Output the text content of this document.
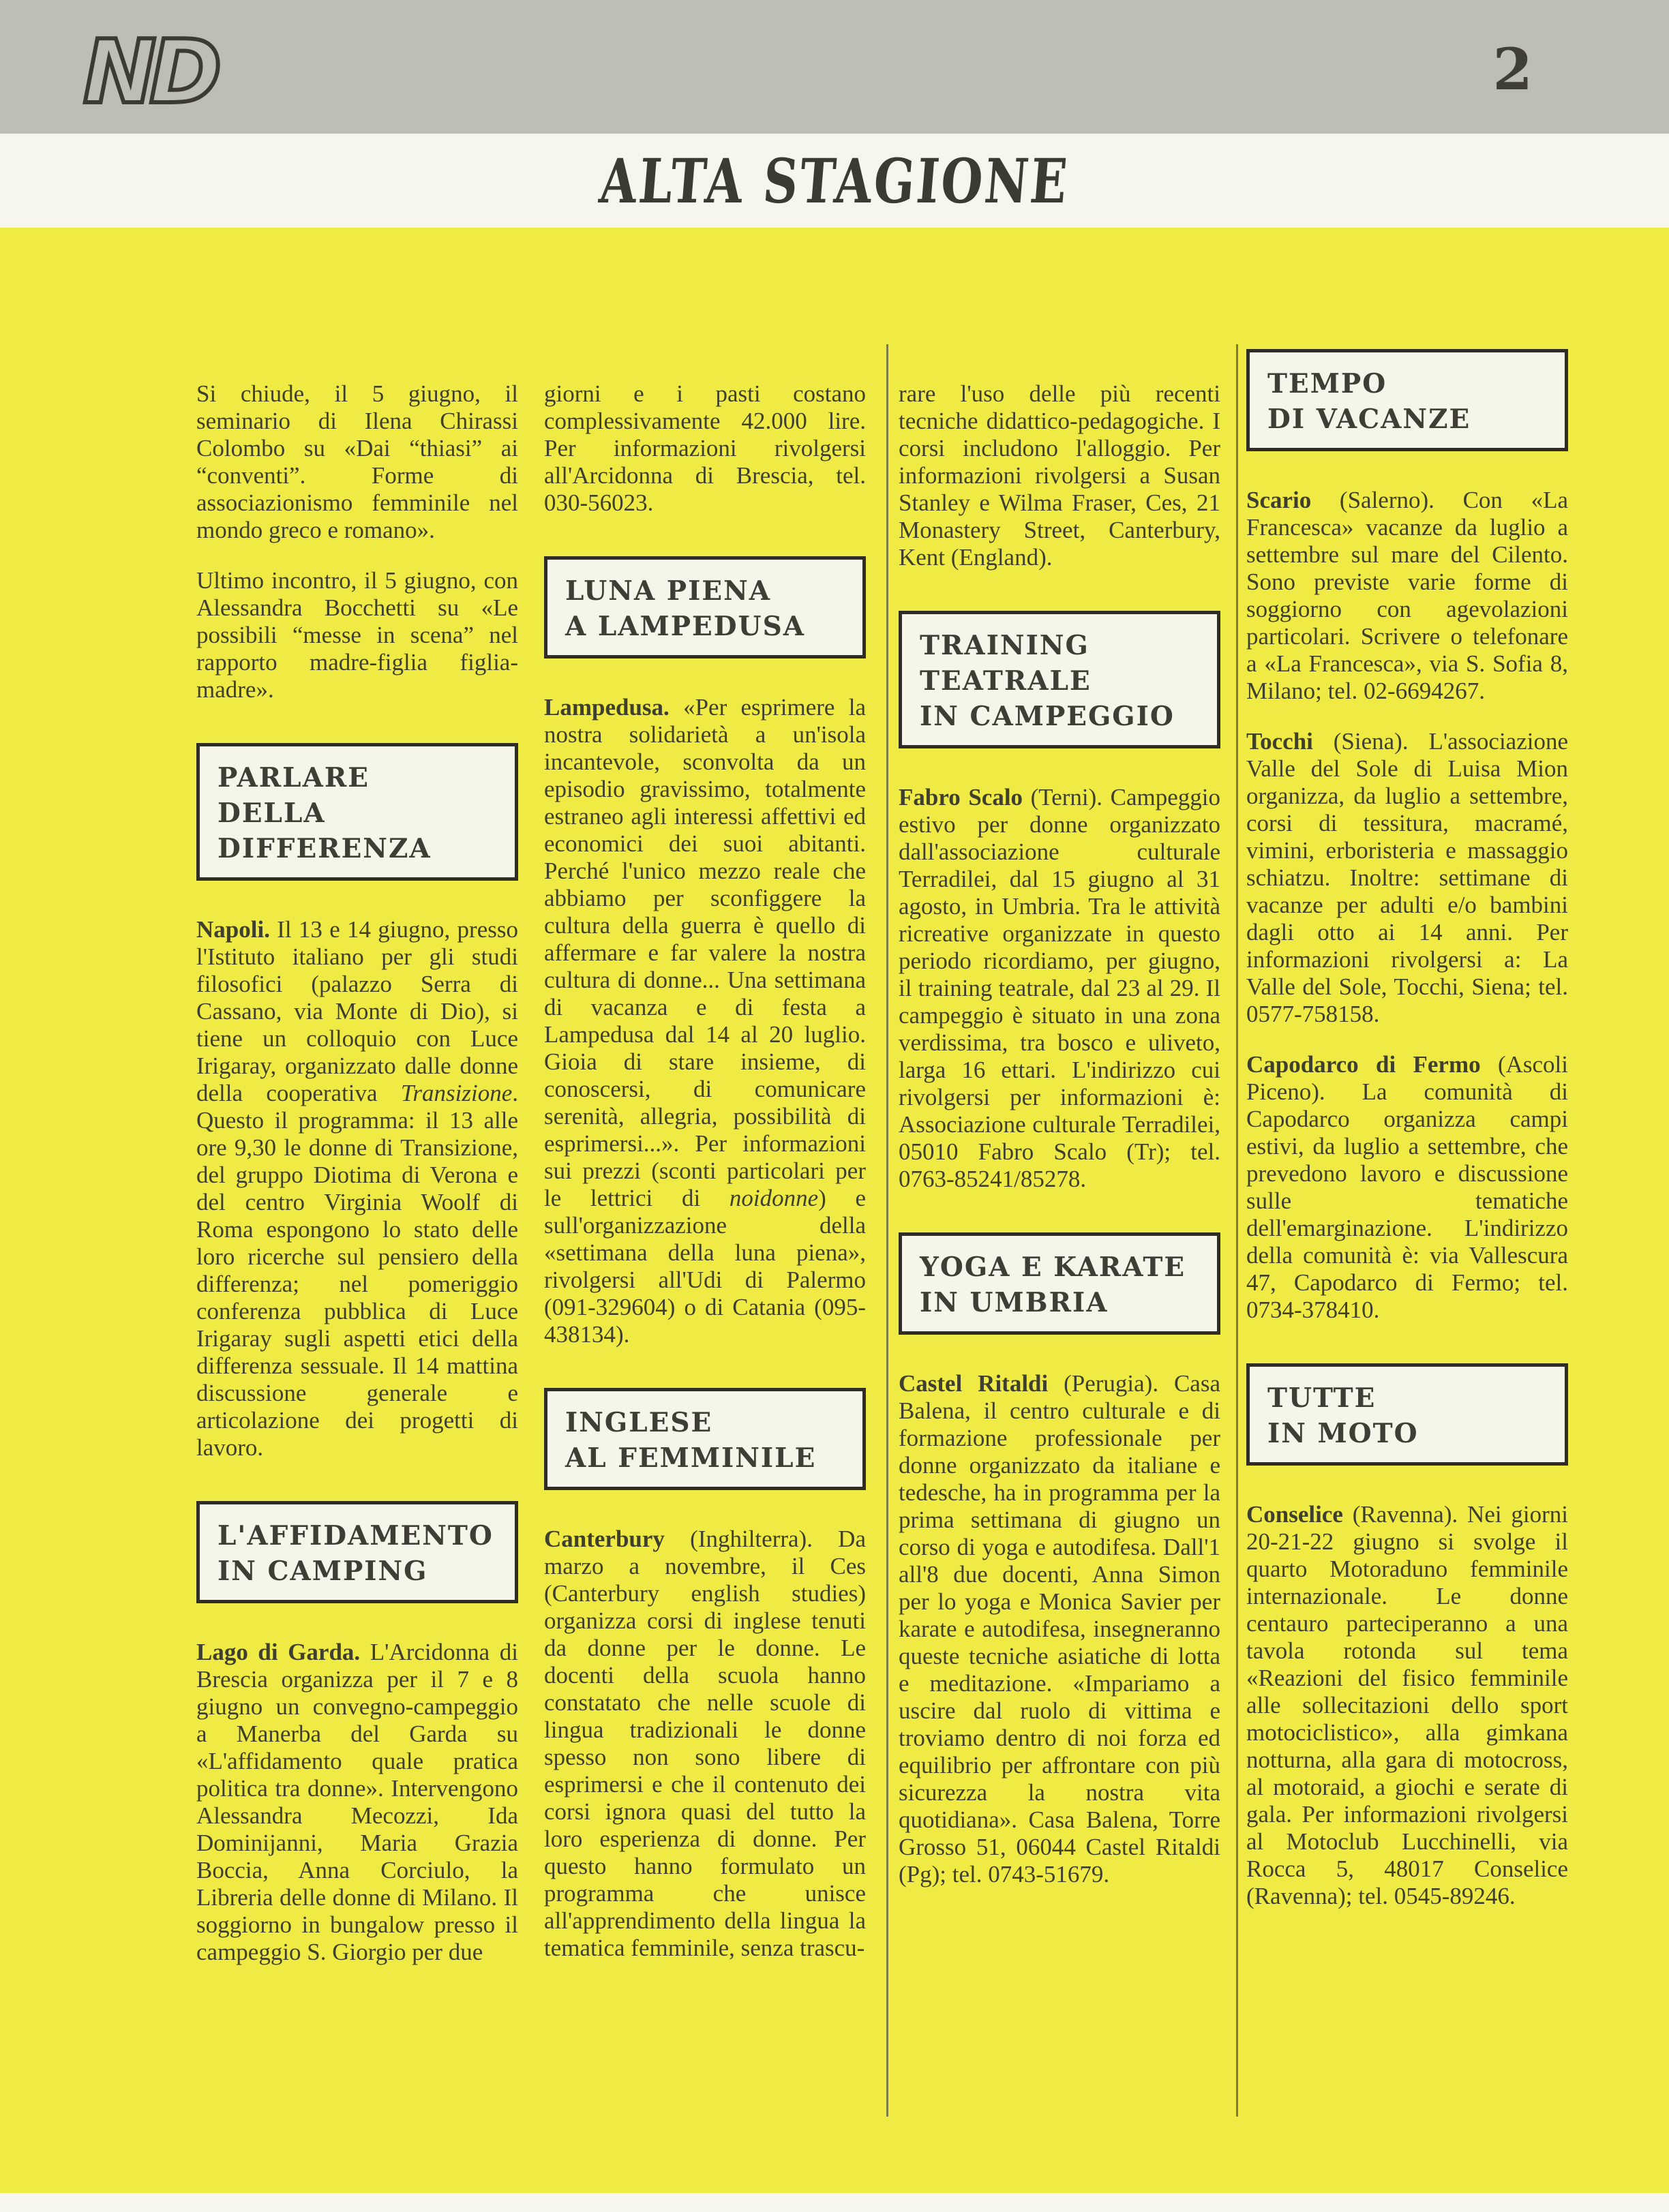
ND	2
ALTA STAGIONE

Si chiude, il 5 giugno, il seminario di Ilena Chirassi Colombo su «Dai “thiasi” ai “conventi”. Forme di associazionismo femminile nel mondo greco e romano».

Ultimo incontro, il 5 giugno, con Alessandra Bocchetti su «Le possibili “messe in scena” nel rapporto madre-figlia figlia-madre».

PARLARE
DELLA DIFFERENZA

Napoli. Il 13 e 14 giugno, presso l'Istituto italiano per gli studi filosofici (palazzo Serra di Cassano, via Monte di Dio), si tiene un colloquio con Luce Irigaray, organizzato dalle donne della cooperativa Transizione. Questo il programma: il 13 alle ore 9,30 le donne di Transizione, del gruppo Diotima di Verona e del centro Virginia Woolf di Roma espongono lo stato delle loro ricerche sul pensiero della differenza; nel pomeriggio conferenza pubblica di Luce Irigaray sugli aspetti etici della differenza sessuale. Il 14 mattina discussione generale e articolazione dei progetti di lavoro.

L'AFFIDAMENTO
IN CAMPING

Lago di Garda. L'Arcidonna di Brescia organizza per il 7 e 8 giugno un convegno-campeggio a Manerba del Garda su «L'affidamento quale pratica politica tra donne». Intervengono Alessandra Mecozzi, Ida Dominijanni, Maria Grazia Boccia, Anna Corciulo, la Libreria delle donne di Milano. Il soggiorno in bungalow presso il campeggio S. Giorgio per due

giorni e i pasti costano complessivamente 42.000 lire. Per informazioni rivolgersi all'Arcidonna di Brescia, tel. 030-56023.

LUNA PIENA
A LAMPEDUSA

Lampedusa. «Per esprimere la nostra solidarietà a un'isola incantevole, sconvolta da un episodio gravissimo, totalmente estraneo agli interessi affettivi ed economici dei suoi abitanti. Perché l'unico mezzo reale che abbiamo per sconfiggere la cultura della guerra è quello di affermare e far valere la nostra cultura di donne... Una settimana di vacanza e di festa a Lampedusa dal 14 al 20 luglio. Gioia di stare insieme, di conoscersi, di comunicare serenità, allegria, possibilità di esprimersi...». Per informazioni sui prezzi (sconti particolari per le lettrici di noidonne) e sull'organizzazione della «settimana della luna piena», rivolgersi all'Udi di Palermo (091-329604) o di Catania (095-438134).

INGLESE
AL FEMMINILE

Canterbury (Inghilterra). Da marzo a novembre, il Ces (Canterbury english studies) organizza corsi di inglese tenuti da donne per le donne. Le docenti della scuola hanno constatato che nelle scuole di lingua tradizionali le donne spesso non sono libere di esprimersi e che il contenuto dei corsi ignora quasi del tutto la loro esperienza di donne. Per questo hanno formulato un programma che unisce all'apprendimento della lingua la tematica femminile, senza trascu-

rare l'uso delle più recenti tecniche didattico-pedagogiche. I corsi includono l'alloggio. Per informazioni rivolgersi a Susan Stanley e Wilma Fraser, Ces, 21 Monastery Street, Canterbury, Kent (England).

TRAINING
TEATRALE
IN CAMPEGGIO

Fabro Scalo (Terni). Campeggio estivo per donne organizzato dall'associazione culturale Terradilei, dal 15 giugno al 31 agosto, in Umbria. Tra le attività ricreative organizzate in questo periodo ricordiamo, per giugno, il training teatrale, dal 23 al 29. Il campeggio è situato in una zona verdissima, tra bosco e uliveto, larga 16 ettari. L'indirizzo cui rivolgersi per informazioni è: Associazione culturale Terradilei, 05010 Fabro Scalo (Tr); tel. 0763-85241/85278.

YOGA E KARATE
IN UMBRIA

Castel Ritaldi (Perugia). Casa Balena, il centro culturale e di formazione professionale per donne organizzato da italiane e tedesche, ha in programma per la prima settimana di giugno un corso di yoga e autodifesa. Dall'1 all'8 due docenti, Anna Simon per lo yoga e Monica Savier per karate e autodifesa, insegneranno queste tecniche asiatiche di lotta e meditazione. «Impariamo a uscire dal ruolo di vittima e troviamo dentro di noi forza ed equilibrio per affrontare con più sicurezza la nostra vita quotidiana». Casa Balena, Torre Grosso 51, 06044 Castel Ritaldi (Pg); tel. 0743-51679.

TEMPO
DI VACANZE

Scario (Salerno). Con «La Francesca» vacanze da luglio a settembre sul mare del Cilento. Sono previste varie forme di soggiorno con agevolazioni particolari. Scrivere o telefonare a «La Francesca», via S. Sofia 8, Milano; tel. 02-6694267.

Tocchi (Siena). L'associazione Valle del Sole di Luisa Mion organizza, da luglio a settembre, corsi di tessitura, macramé, vimini, erboristeria e massaggio schiatzu. Inoltre: settimane di vacanze per adulti e/o bambini dagli otto ai 14 anni. Per informazioni rivolgersi a: La Valle del Sole, Tocchi, Siena; tel. 0577-758158.

Capodarco di Fermo (Ascoli Piceno). La comunità di Capodarco organizza campi estivi, da luglio a settembre, che prevedono lavoro e discussione sulle tematiche dell'emarginazione. L'indirizzo della comunità è: via Vallescura 47, Capodarco di Fermo; tel. 0734-378410.

TUTTE
IN MOTO

Conselice (Ravenna). Nei giorni 20-21-22 giugno si svolge il quarto Motoraduno femminile internazionale. Le donne centauro parteciperanno a una tavola rotonda sul tema «Reazioni del fisico femminile alle sollecitazioni dello sport motociclistico», alla gimkana notturna, alla gara di motocross, al motoraid, a giochi e serate di gala. Per informazioni rivolgersi al Motoclub Lucchinelli, via Rocca 5, 48017 Conselice (Ravenna); tel. 0545-89246.
